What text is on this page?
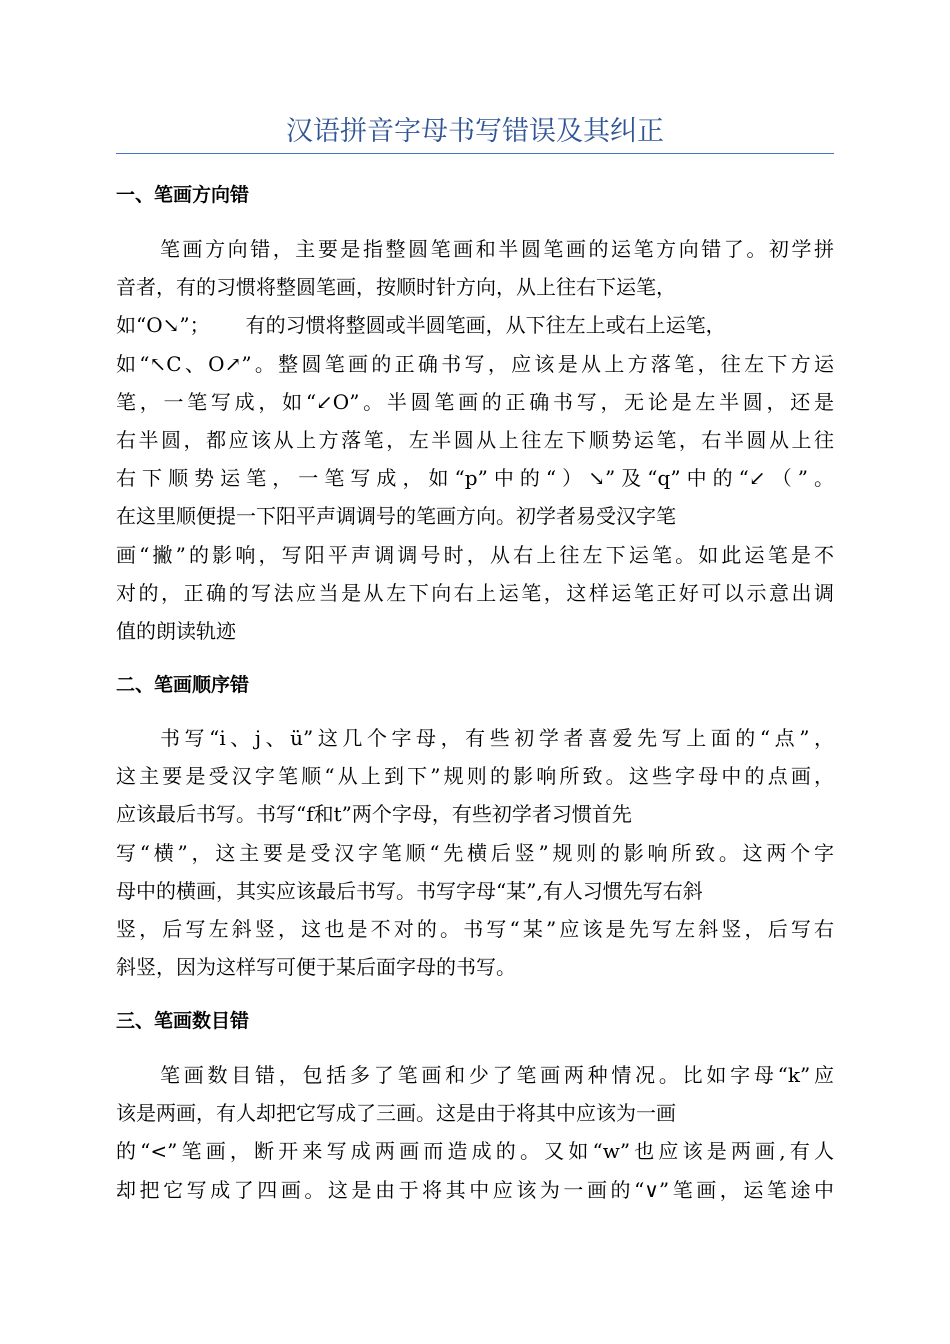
汉语拼音字母书写错误及其纠正
一、笔画方向错
笔画方向错，主要是指整圆笔画和半圆笔画的运笔方向错了。初学拼
音者，有的习惯将整圆笔画，按顺时针方向，从上往右下运笔，
如“O↘”； 有的习惯将整圆或半圆笔画，从下往左上或右上运笔，
如“↖C、O↗”。整圆笔画的正确书写，应该是从上方落笔，往左下方运
笔，一笔写成，如“↙O”。半圆笔画的正确书写，无论是左半圆，还是
右半圆，都应该从上方落笔，左半圆从上往左下顺势运笔，右半圆从上往
右下顺势运笔，一笔写成，如“p”中的“）↘”及“q”中的“↙（”。
在这里顺便提一下阳平声调调号的笔画方向。初学者易受汉字笔
画“撇”的影响，写阳平声调调号时，从右上往左下运笔。如此运笔是不
对的，正确的写法应当是从左下向右上运笔，这样运笔正好可以示意出调
值的朗读轨迹
二、笔画顺序错
书写“i、j、ü”这几个字母，有些初学者喜爱先写上面的“点”，
这主要是受汉字笔顺“从上到下”规则的影响所致。这些字母中的点画，
应该最后书写。书写“f和t”两个字母，有些初学者习惯首先
写“横”，这主要是受汉字笔顺“先横后竖”规则的影响所致。这两个字
母中的横画，其实应该最后书写。书写字母“某”,有人习惯先写右斜
竖，后写左斜竖，这也是不对的。书写“某”应该是先写左斜竖，后写右
斜竖，因为这样写可便于某后面字母的书写。
三、笔画数目错
笔画数目错，包括多了笔画和少了笔画两种情况。比如字母“k”应
该是两画，有人却把它写成了三画。这是由于将其中应该为一画
的“<”笔画，断开来写成两画而造成的。又如“w”也应该是两画,有人
却把它写成了四画。这是由于将其中应该为一画的“∨”笔画，运笔途中
